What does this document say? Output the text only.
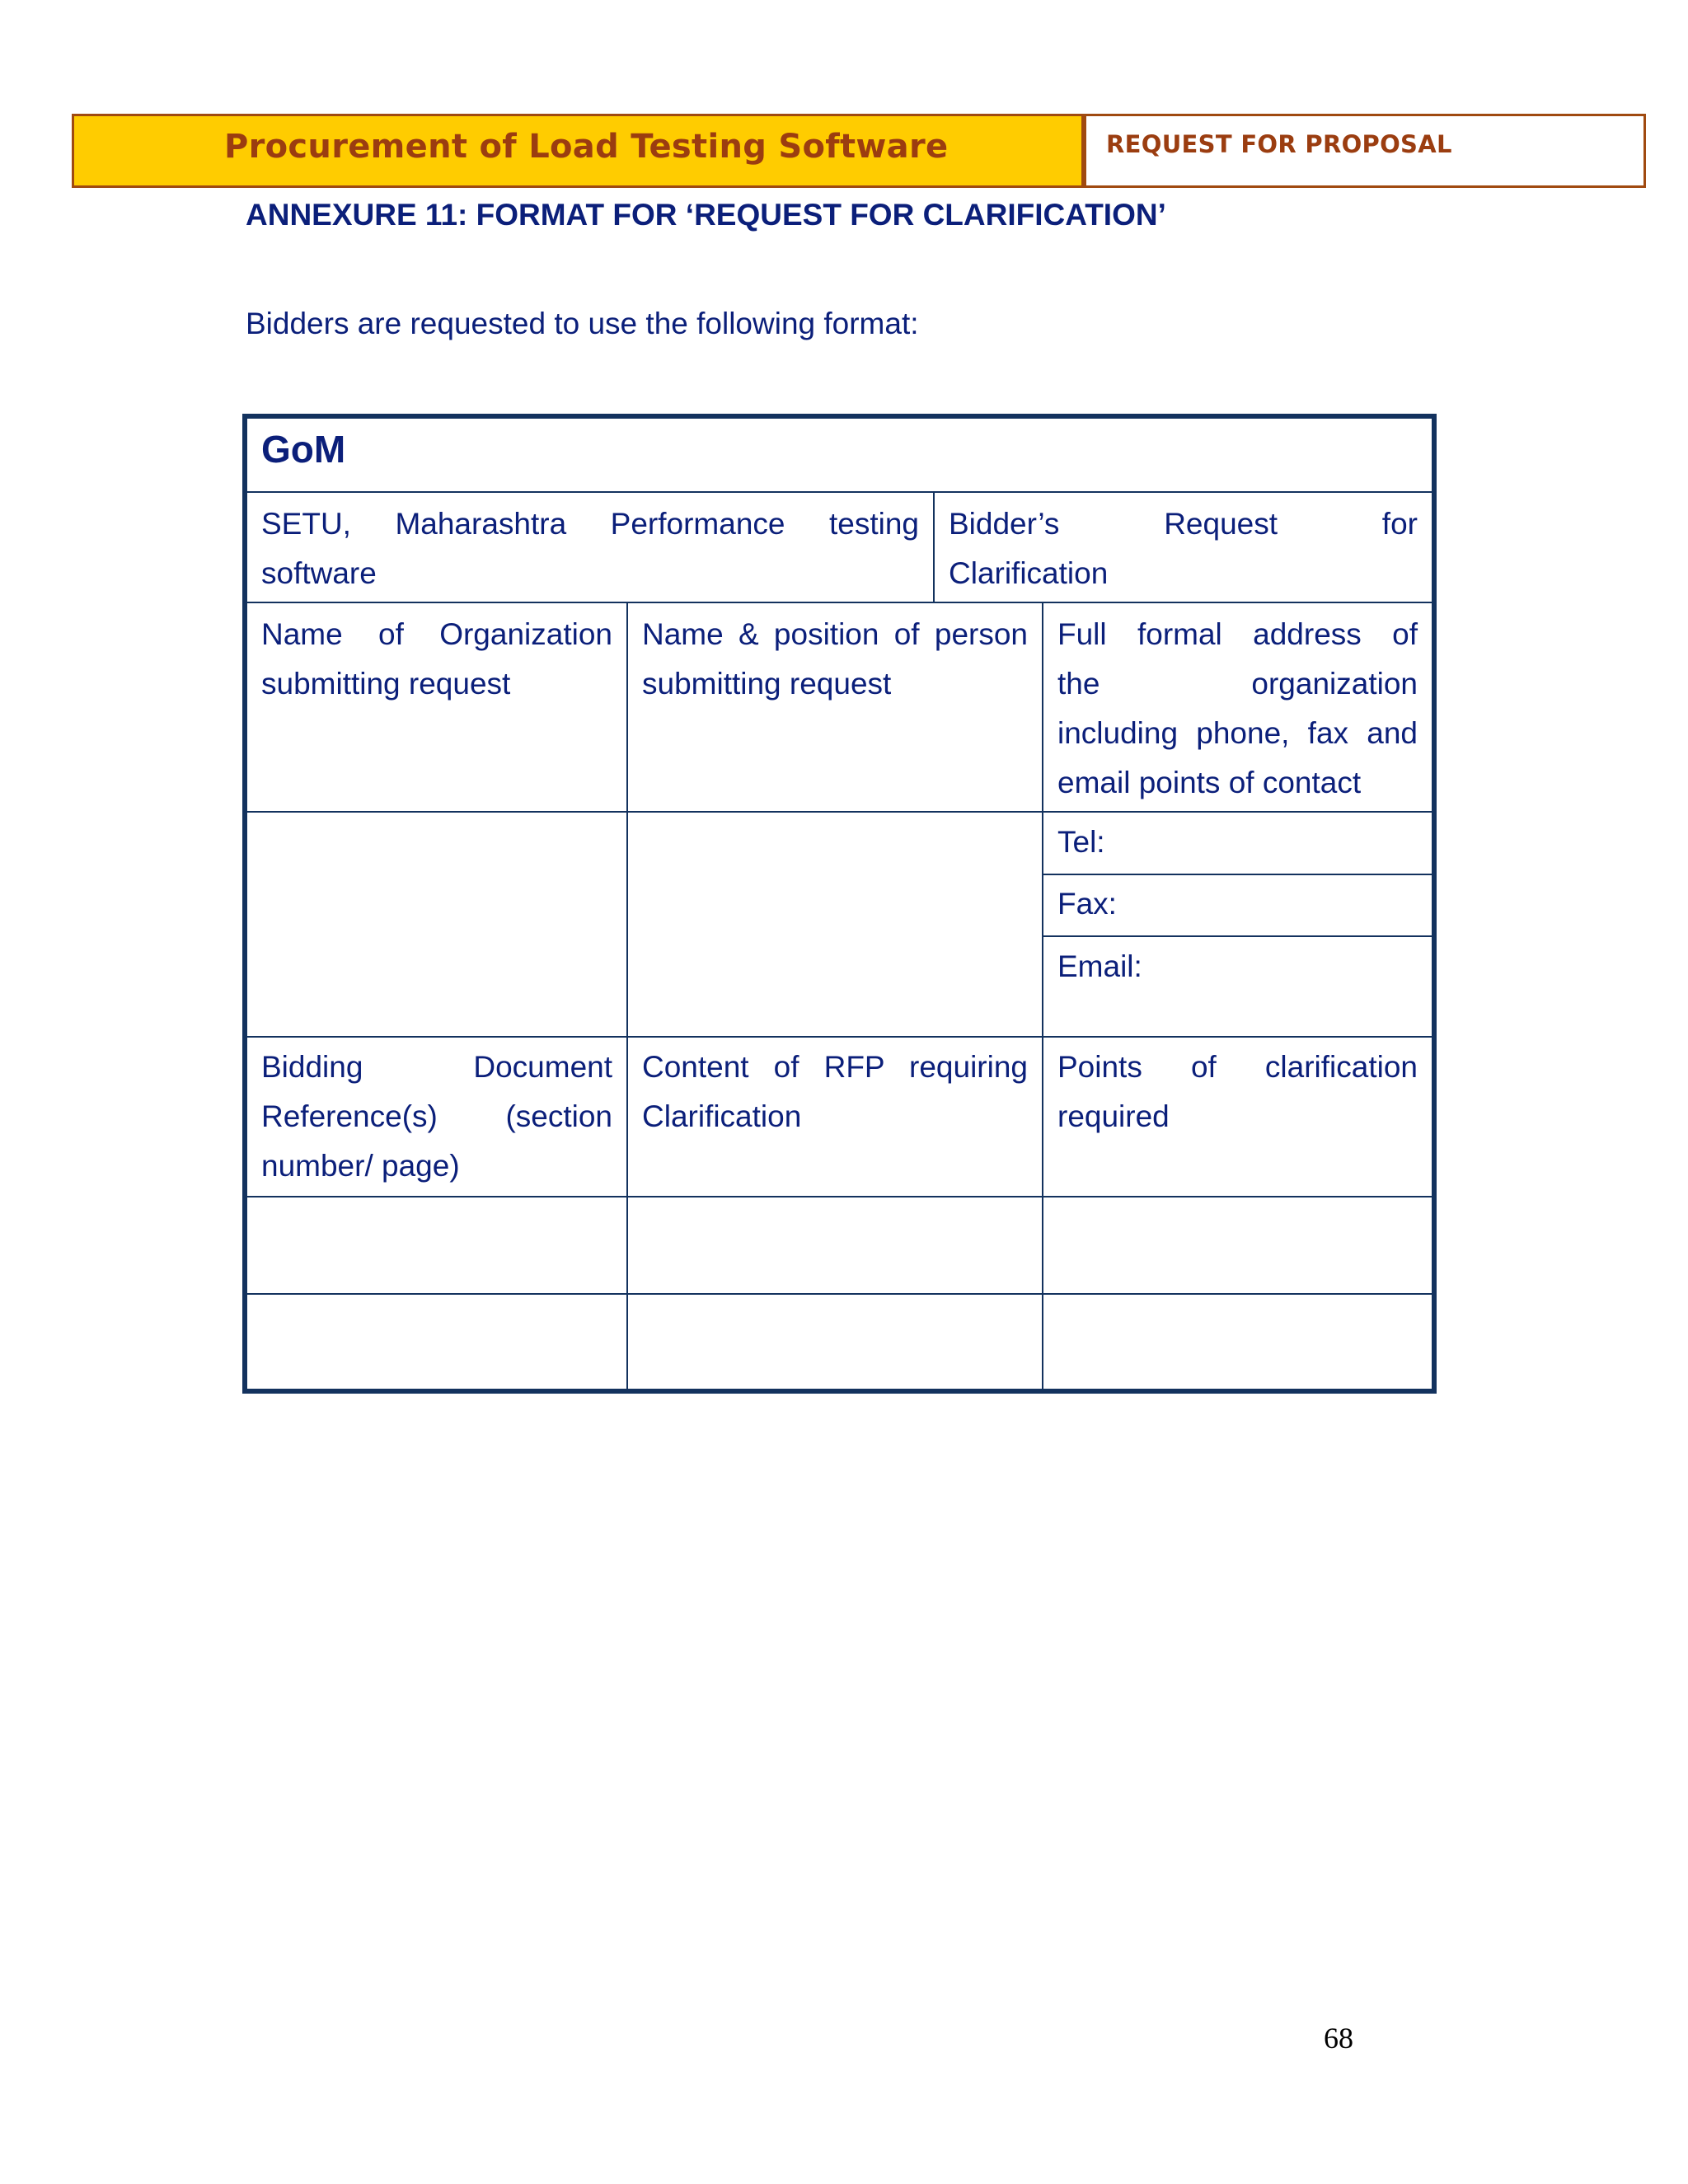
Procurement of Load Testing Software	REQUEST FOR PROPOSAL
ANNEXURE 11: FORMAT FOR ‘REQUEST FOR CLARIFICATION’
Bidders are requested to use the following format:
GoM
SETU, Maharashtra Performance testing
software
Bidder’s Request for
Clarification
Name of Organization
submitting request
Name & position of person
submitting request
Full formal address of
the organization
including phone, fax and
email points of contact
Tel:
Fax:
Email:
Bidding Document
Reference(s) (section
number/ page)
Content of RFP requiring
Clarification
Points of clarification
required
68
